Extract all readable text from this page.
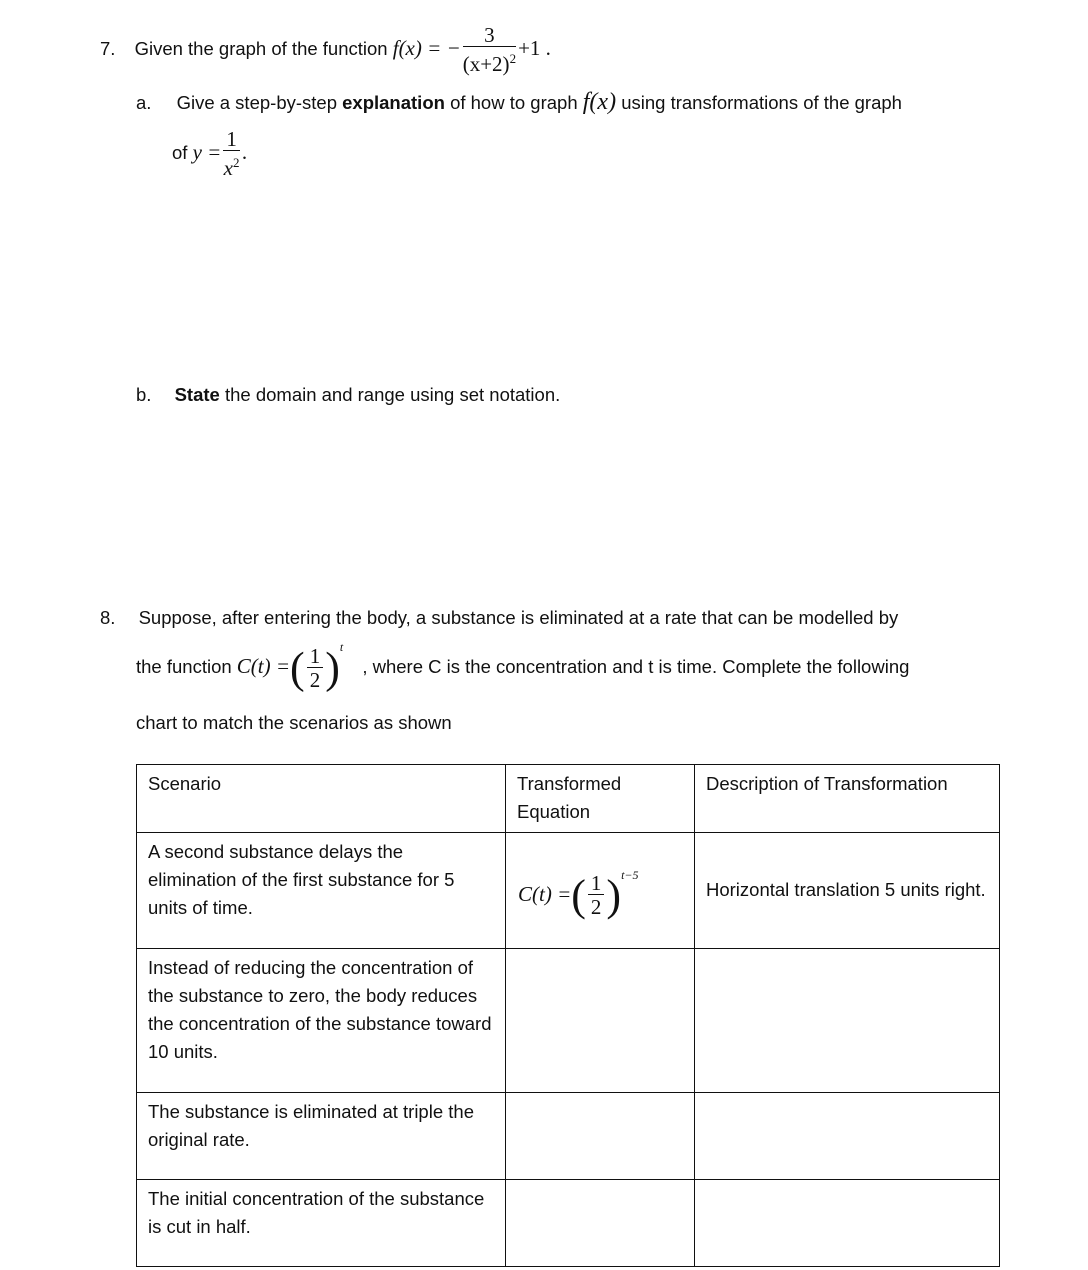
7. Given the graph of the function f(x) = − $\frac{3}{(x+2)^2} +1$ .
a. Give a step-by-step explanation of how to graph f(x) using transformations of the graph
of $y = \frac{1}{x^2}$ .
b. State the domain and range using set notation.
8. Suppose, after entering the body, a substance is eliminated at a rate that can be modelled by
the function C(t) =( $\frac{1}{2} )^t$ , where C is the concentration and t is time. Complete the following
chart to match the scenarios as shown
Scenario	Transformed Equation	Description of Transformation
A second substance delays the elimination of the first substance for 5 units of time.	C(t) =( $\frac{1}{2} )^{t-5}$	Horizontal translation 5 units right.
Instead of reducing the concentration of the substance to zero, the body reduces the concentration of the substance toward 10 units.		
The substance is eliminated at triple the original rate.		
The initial concentration of the substance is cut in half.		
